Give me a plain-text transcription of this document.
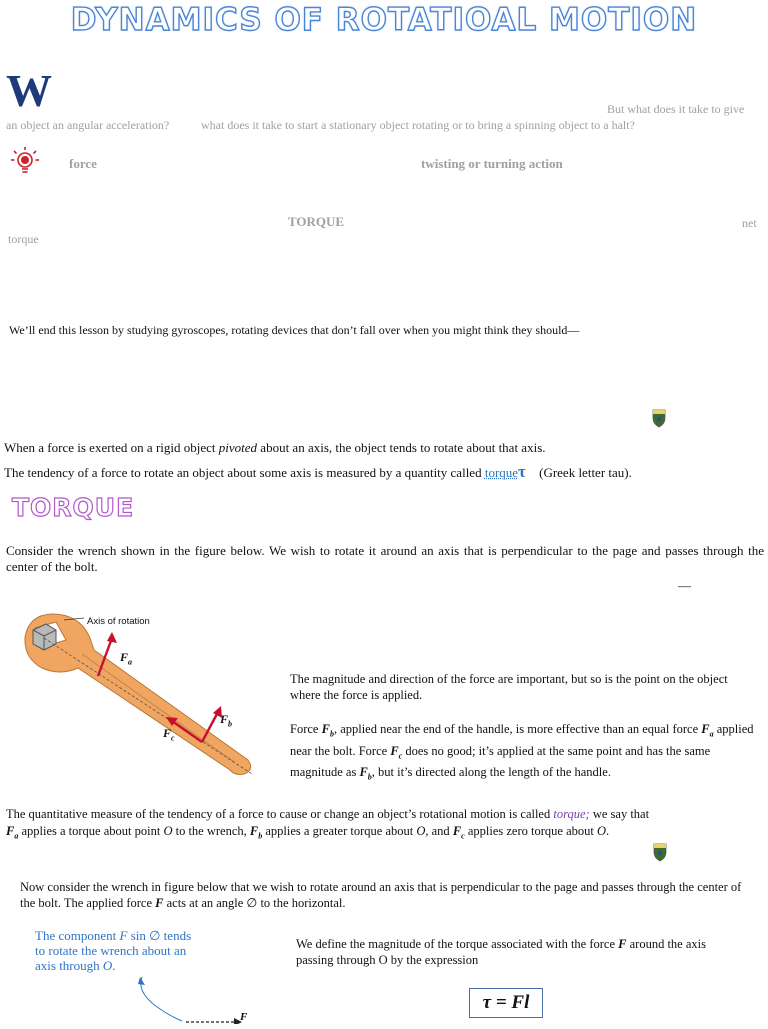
DYNAMICS OF ROTATIOAL MOTION
W	But what does it take to give
an object an angular acceleration?	what does it take to start a stationary object rotating or to bring a spinning object to a halt?
force	twisting or turning action
TORQUE	net
torque
We’ll end this lesson by studying gyroscopes, rotating devices that don’t fall over when you might think they should—
When a force is exerted on a rigid object pivoted about an axis, the object tends to rotate about that axis.
The tendency of a force to rotate an object about some axis is measured by a quantity called torqueτ⃗(Greek letter tau).
TORQUE
Consider the wrench shown in the figure below. We wish to rotate it around an axis that is perpendicular to the page and passes through the center of the bolt.
—
Axis of rotation
$F_a$
$F_b$
$F_c$
The magnitude and direction of the force are important, but so is the point on the object where the force is applied.
Force $F_b$, applied near the end of the handle, is more effective than an equal force $F_a$ applied near the bolt. Force $F_c$ does no good; it’s applied at the same point and has the same magnitude as $F_b$, but it’s directed along the length of the handle.
The quantitative measure of the tendency of a force to cause or change an object’s rotational motion is called torque; we say that
$F_a$ applies a torque about point O to the wrench, $F_b$ applies a greater torque about O, and $F_c$ applies zero torque about O.
Now consider the wrench in figure below that we wish to rotate around an axis that is perpendicular to the page and passes through the center of the bolt. The applied force F acts at an angle ∅ to the horizontal.
The component F sin ∅ tends to rotate the wrench about an axis through O.
We define the magnitude of the torque associated with the force F around the axis passing through O by the expression
τ = Fl
F
